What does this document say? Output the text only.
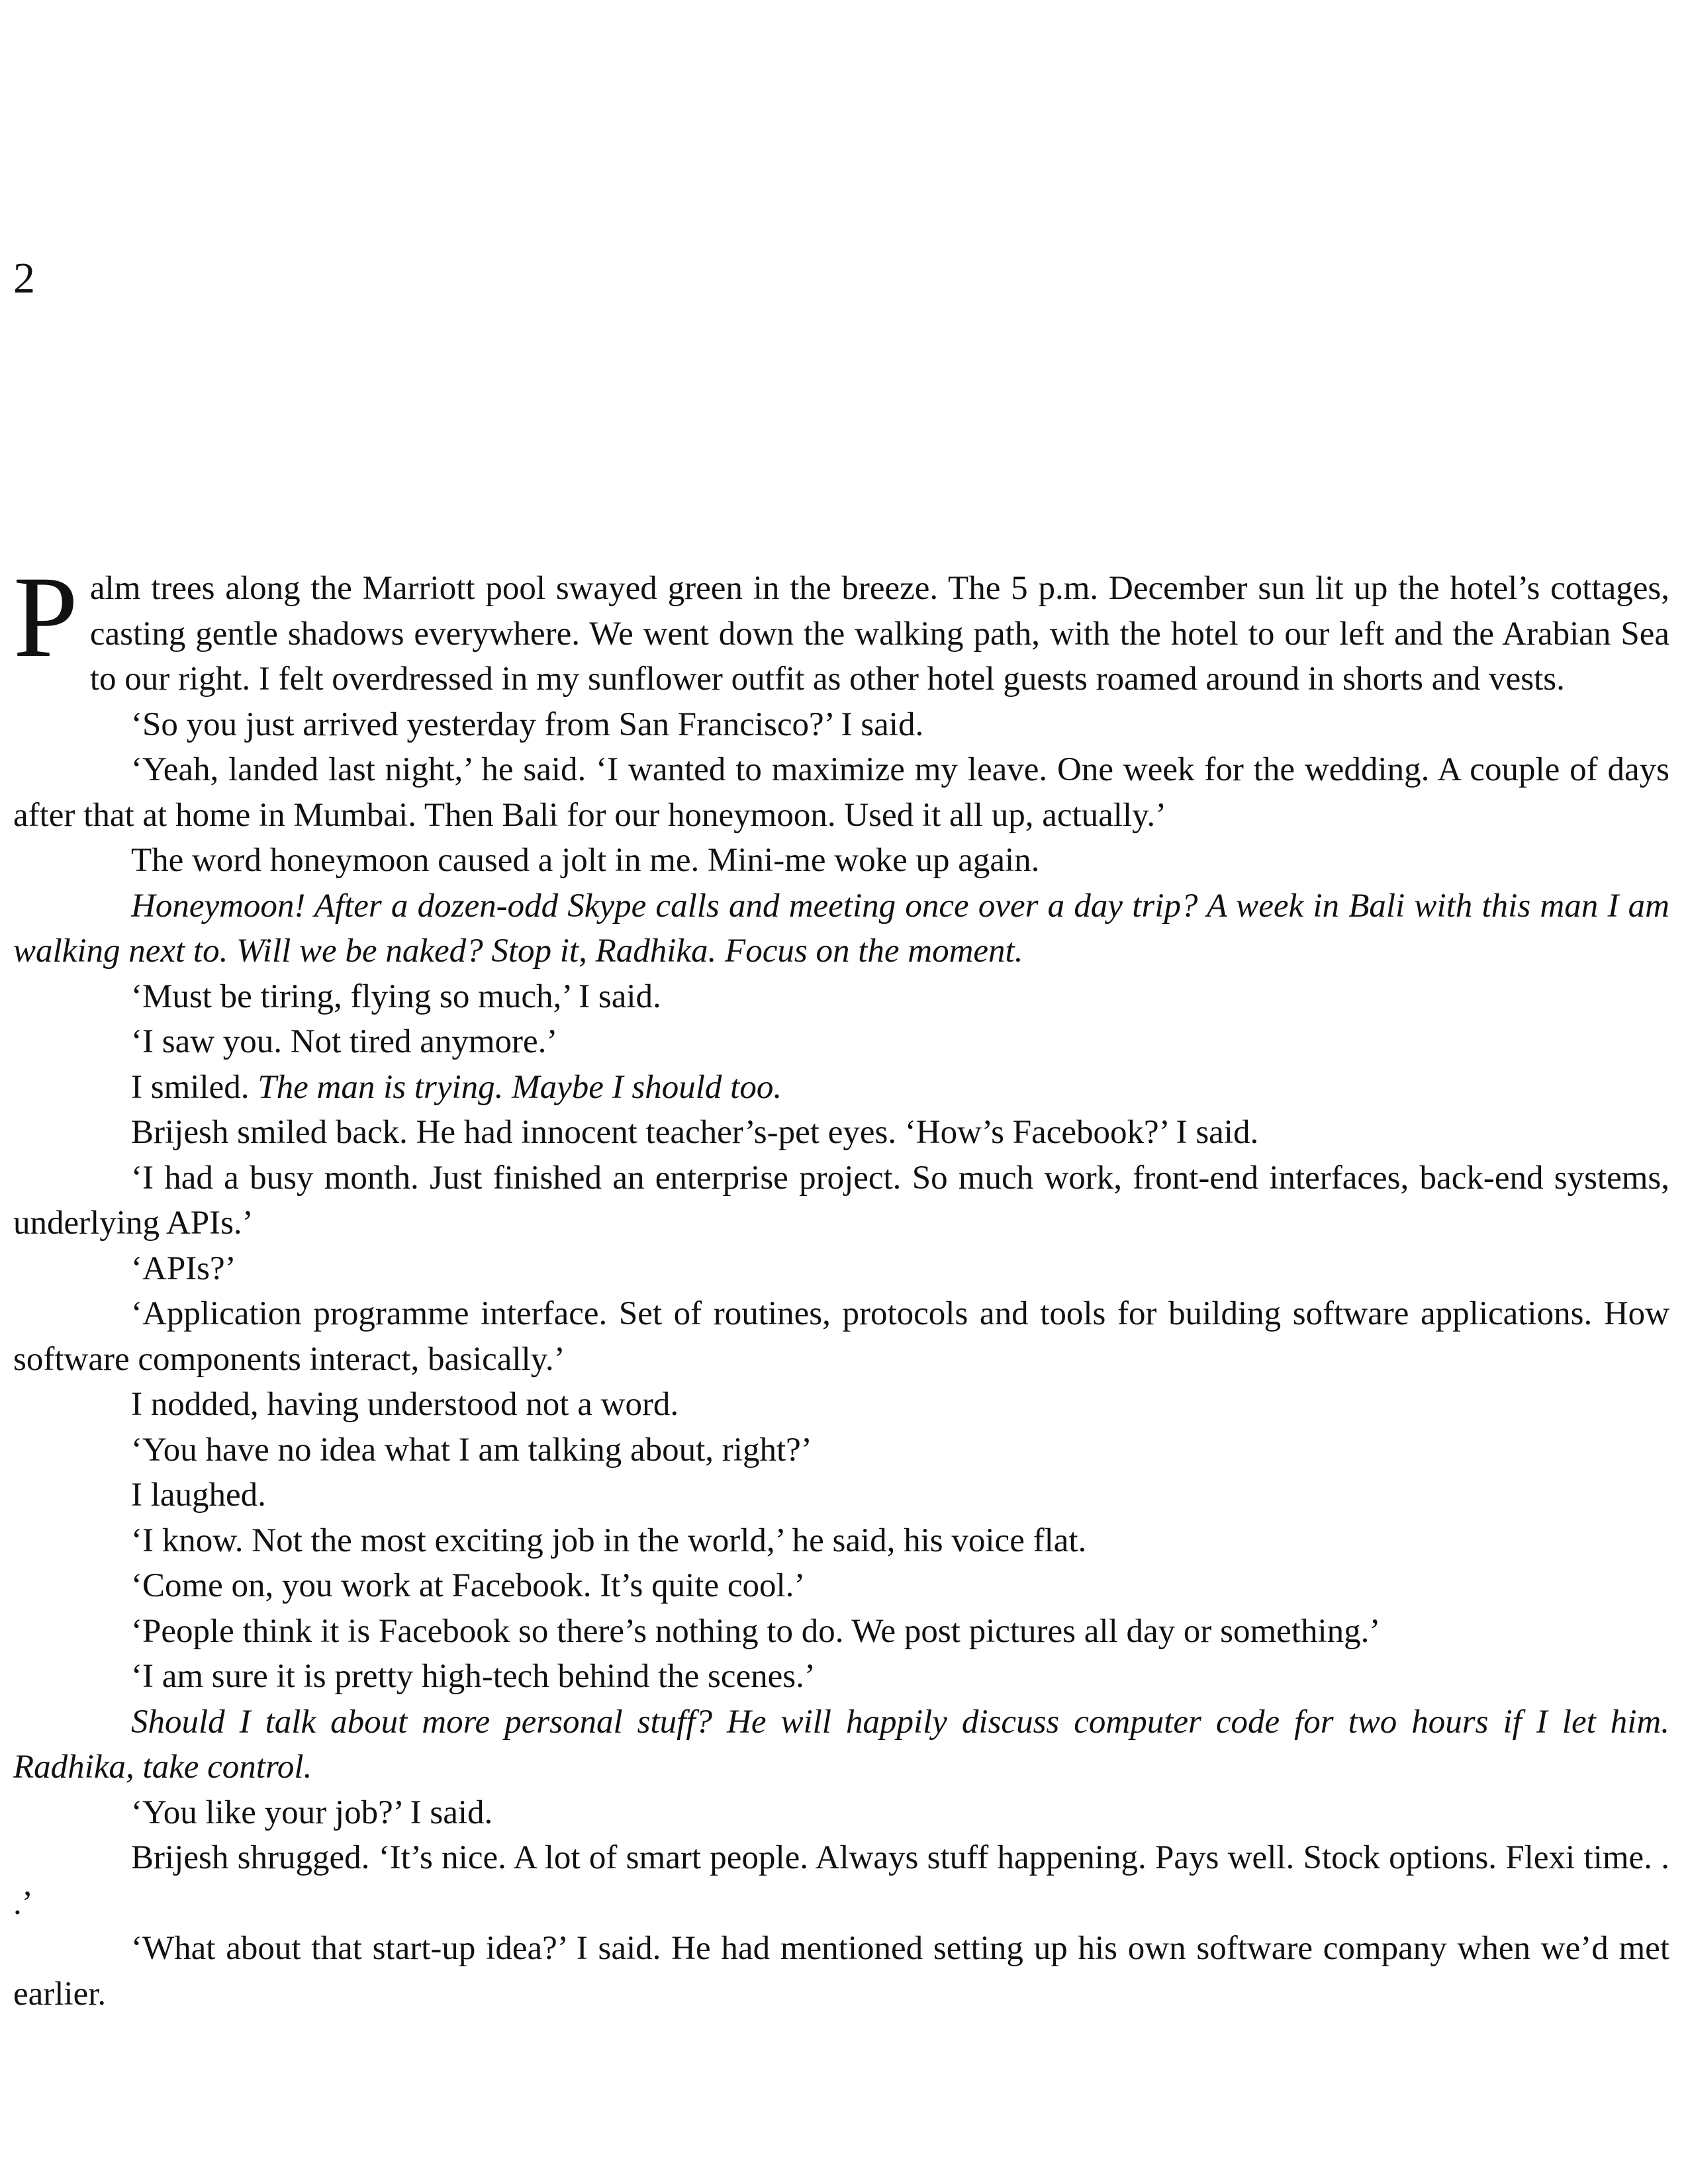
2

Palm trees along the Marriott pool swayed green in the breeze. The 5 p.m. December sun lit up the hotel’s cottages, casting gentle shadows everywhere. We went down the walking path, with the hotel to our left and the Arabian Sea to our right. I felt overdressed in my sunflower outfit as other hotel guests roamed around in shorts and vests.

‘So you just arrived yesterday from San Francisco?’ I said.

‘Yeah, landed last night,’ he said. ‘I wanted to maximize my leave. One week for the wedding. A couple of days after that at home in Mumbai. Then Bali for our honeymoon. Used it all up, actually.’

The word honeymoon caused a jolt in me. Mini-me woke up again.

Honeymoon! After a dozen-odd Skype calls and meeting once over a day trip? A week in Bali with this man I am walking next to. Will we be naked? Stop it, Radhika. Focus on the moment.

‘Must be tiring, flying so much,’ I said.

‘I saw you. Not tired anymore.’

I smiled. The man is trying. Maybe I should too.

Brijesh smiled back. He had innocent teacher’s-pet eyes. ‘How’s Facebook?’ I said.

‘I had a busy month. Just finished an enterprise project. So much work, front-end interfaces, back-end systems, underlying APIs.’

‘APIs?’

‘Application programme interface. Set of routines, protocols and tools for building software applications. How software components interact, basically.’

I nodded, having understood not a word.

‘You have no idea what I am talking about, right?’

I laughed.

‘I know. Not the most exciting job in the world,’ he said, his voice flat.

‘Come on, you work at Facebook. It’s quite cool.’

‘People think it is Facebook so there’s nothing to do. We post pictures all day or something.’

‘I am sure it is pretty high-tech behind the scenes.’

Should I talk about more personal stuff? He will happily discuss computer code for two hours if I let him. Radhika, take control.

‘You like your job?’ I said.

Brijesh shrugged. ‘It’s nice. A lot of smart people. Always stuff happening. Pays well. Stock options. Flexi time. . .’

‘What about that start-up idea?’ I said. He had mentioned setting up his own software company when we’d met earlier.
